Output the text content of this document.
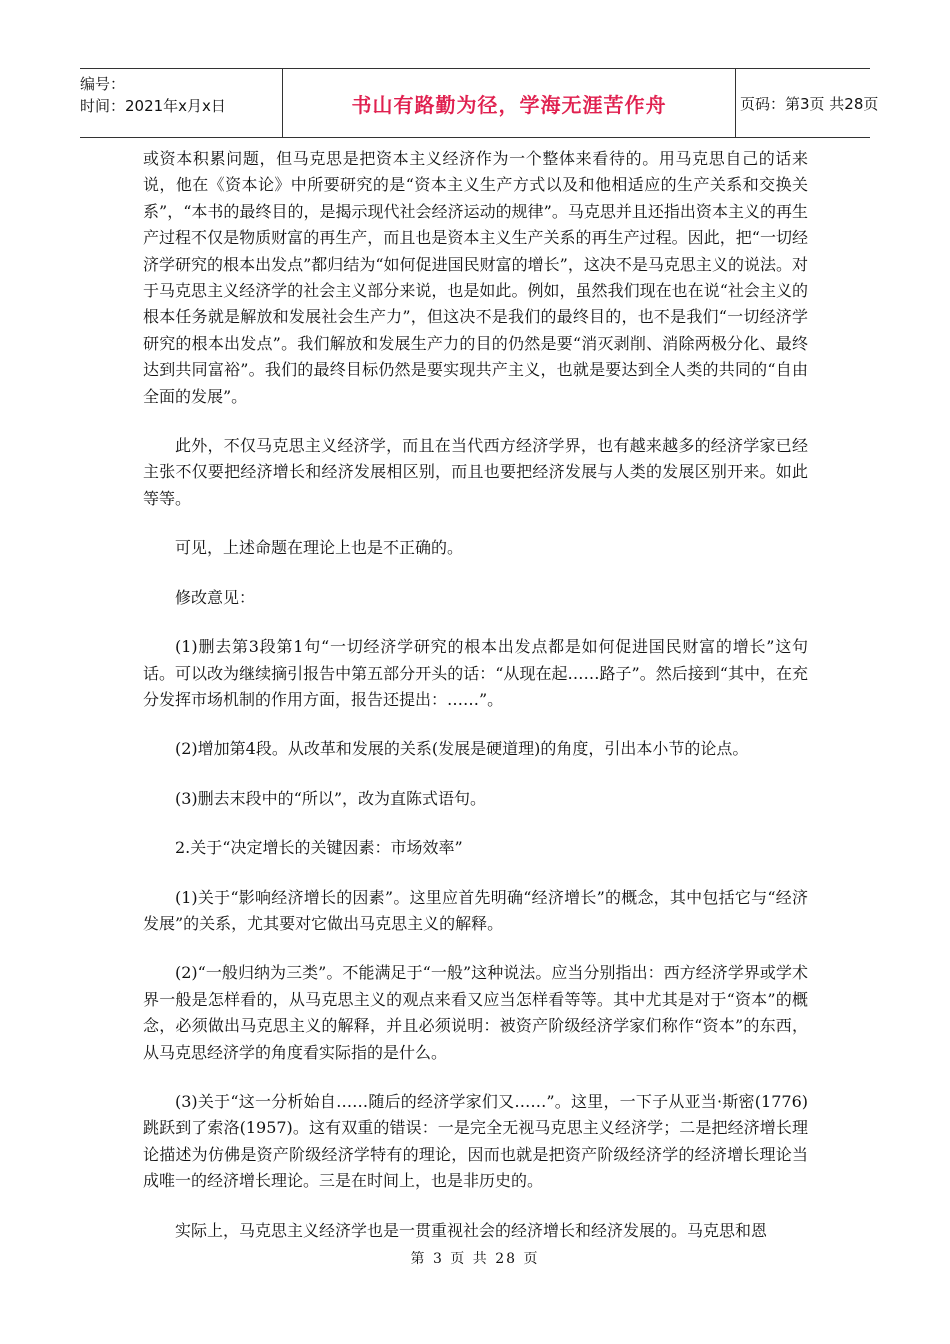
编号：
时间：2021年x月x日	书山有路勤为径，学海无涯苦作舟	页码：第3页 共28页

或资本积累问题，但马克思是把资本主义经济作为一个整体来看待的。用马克思自己的话来说，他在《资本论》中所要研究的是“资本主义生产方式以及和他相适应的生产关系和交换关系”，“本书的最终目的，是揭示现代社会经济运动的规律”。马克思并且还指出资本主义的再生产过程不仅是物质财富的再生产，而且也是资本主义生产关系的再生产过程。因此，把“一切经济学研究的根本出发点”都归结为“如何促进国民财富的增长”，这决不是马克思主义的说法。对于马克思主义经济学的社会主义部分来说，也是如此。例如，虽然我们现在也在说“社会主义的根本任务就是解放和发展社会生产力”，但这决不是我们的最终目的，也不是我们“一切经济学研究的根本出发点”。我们解放和发展生产力的目的仍然是要“消灭剥削、消除两极分化、最终达到共同富裕”。我们的最终目标仍然是要实现共产主义，也就是要达到全人类的共同的“自由全面的发展”。

此外，不仅马克思主义经济学，而且在当代西方经济学界，也有越来越多的经济学家已经主张不仅要把经济增长和经济发展相区别，而且也要把经济发展与人类的发展区别开来。如此等等。

可见，上述命题在理论上也是不正确的。

修改意见：

(1)删去第3段第1句“一切经济学研究的根本出发点都是如何促进国民财富的增长”这句话。可以改为继续摘引报告中第五部分开头的话：“从现在起……路子”。然后接到“其中，在充分发挥市场机制的作用方面，报告还提出：……”。

(2)增加第4段。从改革和发展的关系(发展是硬道理)的角度，引出本小节的论点。

(3)删去末段中的“所以”，改为直陈式语句。

2.关于“决定增长的关键因素：市场效率”

(1)关于“影响经济增长的因素”。这里应首先明确“经济增长”的概念，其中包括它与“经济发展”的关系，尤其要对它做出马克思主义的解释。

(2)“一般归纳为三类”。不能满足于“一般”这种说法。应当分别指出：西方经济学界或学术界一般是怎样看的，从马克思主义的观点来看又应当怎样看等等。其中尤其是对于“资本”的概念，必须做出马克思主义的解释，并且必须说明：被资产阶级经济学家们称作“资本”的东西，从马克思经济学的角度看实际指的是什么。

(3)关于“这一分析始自……随后的经济学家们又……”。这里，一下子从亚当·斯密(1776)跳跃到了索洛(1957)。这有双重的错误：一是完全无视马克思主义经济学；二是把经济增长理论描述为仿佛是资产阶级经济学特有的理论，因而也就是把资产阶级经济学的经济增长理论当成唯一的经济增长理论。三是在时间上，也是非历史的。

实际上，马克思主义经济学也是一贯重视社会的经济增长和经济发展的。马克思和恩

第 3 页 共 28 页
